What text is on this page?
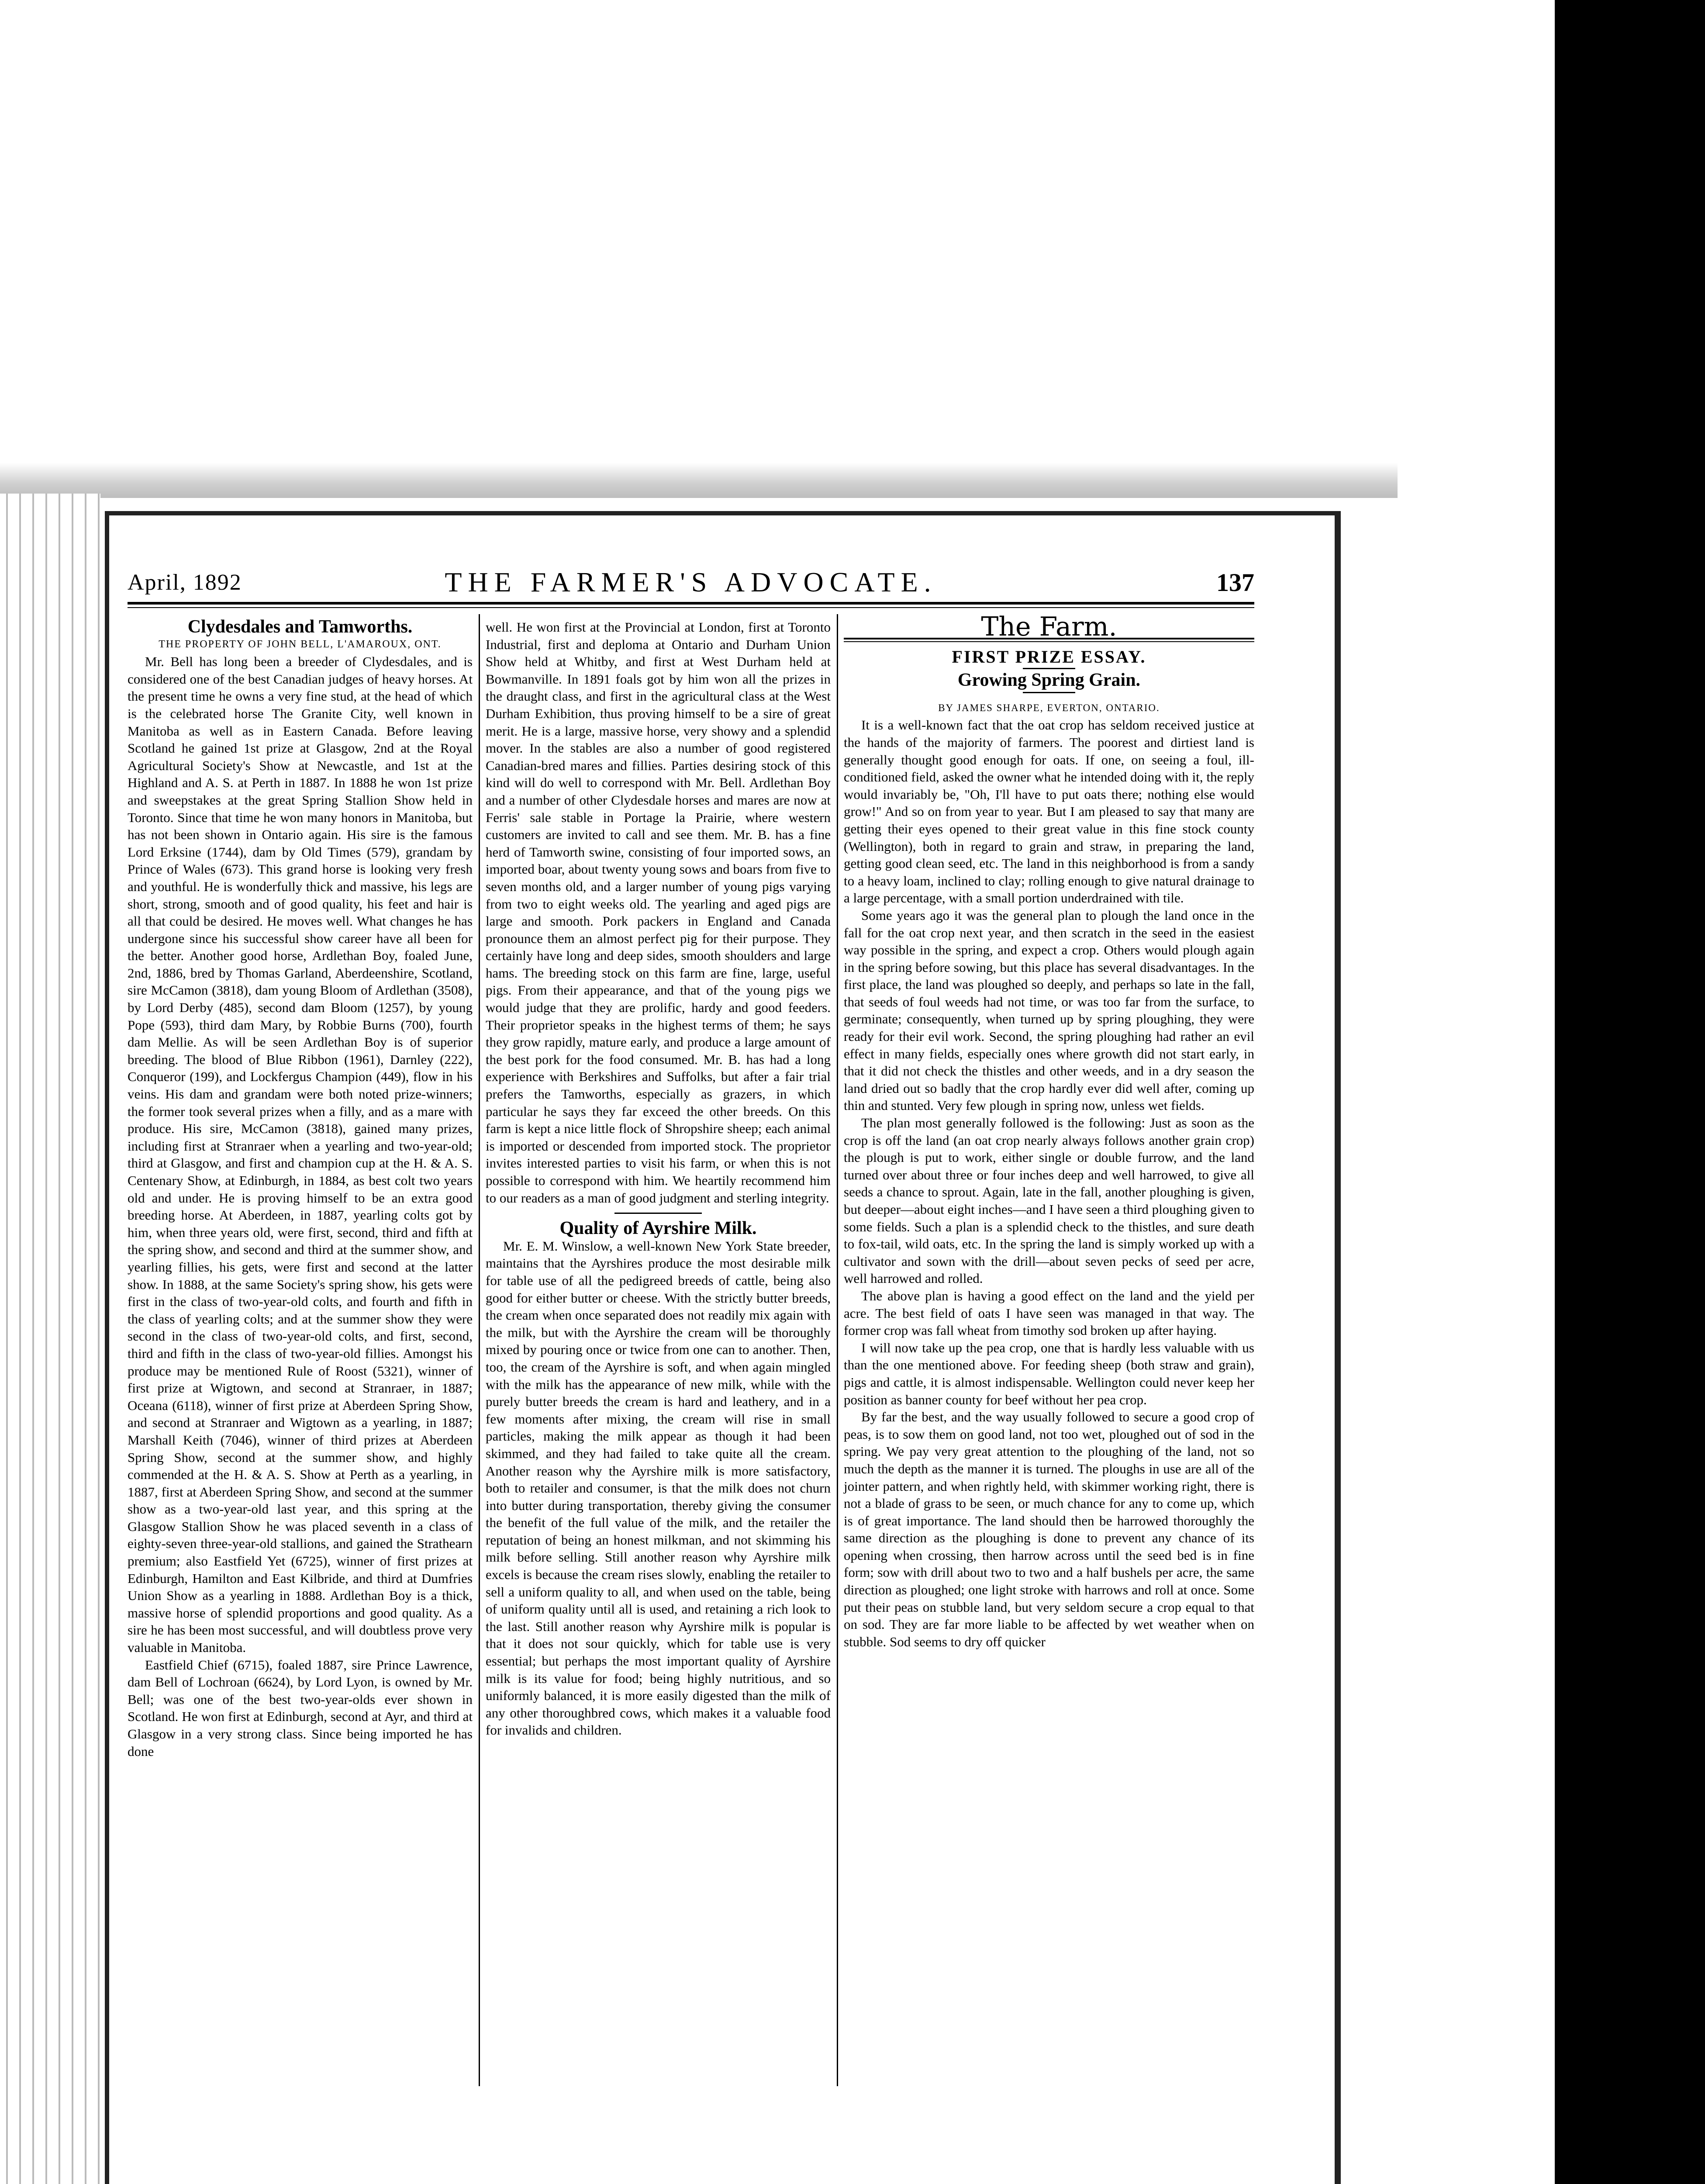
April, 1892	THE FARMER'S ADVOCATE.	137

Clydesdales and Tamworths.

THE PROPERTY OF JOHN BELL, L'AMAROUX, ONT.

Mr. Bell has long been a breeder of Clydesdales, and is considered one of the best Canadian judges of heavy horses. At the present time he owns a very fine stud, at the head of which is the celebrated horse The Granite City, well known in Manitoba as well as in Eastern Canada. Before leaving Scotland he gained 1st prize at Glasgow, 2nd at the Royal Agricultural Society's Show at Newcastle, and 1st at the Highland and A. S. at Perth in 1887. In 1888 he won 1st prize and sweepstakes at the great Spring Stallion Show held in Toronto. Since that time he won many honors in Manitoba, but has not been shown in Ontario again. His sire is the famous Lord Erksine (1744), dam by Old Times (579), grandam by Prince of Wales (673). This grand horse is looking very fresh and youthful. He is wonderfully thick and massive, his legs are short, strong, smooth and of good quality, his feet and hair is all that could be desired. He moves well. What changes he has undergone since his successful show career have all been for the better. Another good horse, Ardlethan Boy, foaled June, 2nd, 1886, bred by Thomas Garland, Aberdeenshire, Scotland, sire McCamon (3818), dam young Bloom of Ardlethan (3508), by Lord Derby (485), second dam Bloom (1257), by young Pope (593), third dam Mary, by Robbie Burns (700), fourth dam Mellie. As will be seen Ardlethan Boy is of superior breeding. The blood of Blue Ribbon (1961), Darnley (222), Conqueror (199), and Lockfergus Champion (449), flow in his veins. His dam and grandam were both noted prize-winners; the former took several prizes when a filly, and as a mare with produce. His sire, McCamon (3818), gained many prizes, including first at Stranraer when a yearling and two-year-old; third at Glasgow, and first and champion cup at the H. & A. S. Centenary Show, at Edinburgh, in 1884, as best colt two years old and under. He is proving himself to be an extra good breeding horse. At Aberdeen, in 1887, yearling colts got by him, when three years old, were first, second, third and fifth at the spring show, and second and third at the summer show, and yearling fillies, his gets, were first and second at the latter show. In 1888, at the same Society's spring show, his gets were first in the class of two-year-old colts, and fourth and fifth in the class of yearling colts; and at the summer show they were second in the class of two-year-old colts, and first, second, third and fifth in the class of two-year-old fillies. Amongst his produce may be mentioned Rule of Roost (5321), winner of first prize at Wigtown, and second at Stranraer, in 1887; Oceana (6118), winner of first prize at Aberdeen Spring Show, and second at Stranraer and Wigtown as a yearling, in 1887; Marshall Keith (7046), winner of third prizes at Aberdeen Spring Show, second at the summer show, and highly commended at the H. & A. S. Show at Perth as a yearling, in 1887, first at Aberdeen Spring Show, and second at the summer show as a two-year-old last year, and this spring at the Glasgow Stallion Show he was placed seventh in a class of eighty-seven three-year-old stallions, and gained the Strathearn premium; also Eastfield Yet (6725), winner of first prizes at Edinburgh, Hamilton and East Kilbride, and third at Dumfries Union Show as a yearling in 1888. Ardlethan Boy is a thick, massive horse of splendid proportions and good quality. As a sire he has been most successful, and will doubtless prove very valuable in Manitoba.

Eastfield Chief (6715), foaled 1887, sire Prince Lawrence, dam Bell of Lochroan (6624), by Lord Lyon, is owned by Mr. Bell; was one of the best two-year-olds ever shown in Scotland. He won first at Edinburgh, second at Ayr, and third at Glasgow in a very strong class. Since being imported he has done

well. He won first at the Provincial at London, first at Toronto Industrial, first and deploma at Ontario and Durham Union Show held at Whitby, and first at West Durham held at Bowmanville. In 1891 foals got by him won all the prizes in the draught class, and first in the agricultural class at the West Durham Exhibition, thus proving himself to be a sire of great merit. He is a large, massive horse, very showy and a splendid mover. In the stables are also a number of good registered Canadian-bred mares and fillies. Parties desiring stock of this kind will do well to correspond with Mr. Bell. Ardlethan Boy and a number of other Clydesdale horses and mares are now at Ferris' sale stable in Portage la Prairie, where western customers are invited to call and see them. Mr. B. has a fine herd of Tamworth swine, consisting of four imported sows, an imported boar, about twenty young sows and boars from five to seven months old, and a larger number of young pigs varying from two to eight weeks old. The yearling and aged pigs are large and smooth. Pork packers in England and Canada pronounce them an almost perfect pig for their purpose. They certainly have long and deep sides, smooth shoulders and large hams. The breeding stock on this farm are fine, large, useful pigs. From their appearance, and that of the young pigs we would judge that they are prolific, hardy and good feeders. Their proprietor speaks in the highest terms of them; he says they grow rapidly, mature early, and produce a large amount of the best pork for the food consumed. Mr. B. has had a long experience with Berkshires and Suffolks, but after a fair trial prefers the Tamworths, especially as grazers, in which particular he says they far exceed the other breeds. On this farm is kept a nice little flock of Shropshire sheep; each animal is imported or descended from imported stock. The proprietor invites interested parties to visit his farm, or when this is not possible to correspond with him. We heartily recommend him to our readers as a man of good judgment and sterling integrity.

Quality of Ayrshire Milk.

Mr. E. M. Winslow, a well-known New York State breeder, maintains that the Ayrshires produce the most desirable milk for table use of all the pedigreed breeds of cattle, being also good for either butter or cheese. With the strictly butter breeds, the cream when once separated does not readily mix again with the milk, but with the Ayrshire the cream will be thoroughly mixed by pouring once or twice from one can to another. Then, too, the cream of the Ayrshire is soft, and when again mingled with the milk has the appearance of new milk, while with the purely butter breeds the cream is hard and leathery, and in a few moments after mixing, the cream will rise in small particles, making the milk appear as though it had been skimmed, and they had failed to take quite all the cream. Another reason why the Ayrshire milk is more satisfactory, both to retailer and consumer, is that the milk does not churn into butter during transportation, thereby giving the consumer the benefit of the full value of the milk, and the retailer the reputation of being an honest milkman, and not skimming his milk before selling. Still another reason why Ayrshire milk excels is because the cream rises slowly, enabling the retailer to sell a uniform quality to all, and when used on the table, being of uniform quality until all is used, and retaining a rich look to the last. Still another reason why Ayrshire milk is popular is that it does not sour quickly, which for table use is very essential; but perhaps the most important quality of Ayrshire milk is its value for food; being highly nutritious, and so uniformly balanced, it is more easily digested than the milk of any other thoroughbred cows, which makes it a valuable food for invalids and children.

The Farm.

FIRST PRIZE ESSAY.

Growing Spring Grain.

BY JAMES SHARPE, EVERTON, ONTARIO.

It is a well-known fact that the oat crop has seldom received justice at the hands of the majority of farmers. The poorest and dirtiest land is generally thought good enough for oats. If one, on seeing a foul, ill-conditioned field, asked the owner what he intended doing with it, the reply would invariably be, "Oh, I'll have to put oats there; nothing else would grow!" And so on from year to year. But I am pleased to say that many are getting their eyes opened to their great value in this fine stock county (Wellington), both in regard to grain and straw, in preparing the land, getting good clean seed, etc. The land in this neighborhood is from a sandy to a heavy loam, inclined to clay; rolling enough to give natural drainage to a large percentage, with a small portion underdrained with tile.

Some years ago it was the general plan to plough the land once in the fall for the oat crop next year, and then scratch in the seed in the easiest way possible in the spring, and expect a crop. Others would plough again in the spring before sowing, but this place has several disadvantages. In the first place, the land was ploughed so deeply, and perhaps so late in the fall, that seeds of foul weeds had not time, or was too far from the surface, to germinate; consequently, when turned up by spring ploughing, they were ready for their evil work. Second, the spring ploughing had rather an evil effect in many fields, especially ones where growth did not start early, in that it did not check the thistles and other weeds, and in a dry season the land dried out so badly that the crop hardly ever did well after, coming up thin and stunted. Very few plough in spring now, unless wet fields.

The plan most generally followed is the following: Just as soon as the crop is off the land (an oat crop nearly always follows another grain crop) the plough is put to work, either single or double furrow, and the land turned over about three or four inches deep and well harrowed, to give all seeds a chance to sprout. Again, late in the fall, another ploughing is given, but deeper—about eight inches—and I have seen a third ploughing given to some fields. Such a plan is a splendid check to the thistles, and sure death to fox-tail, wild oats, etc. In the spring the land is simply worked up with a cultivator and sown with the drill—about seven pecks of seed per acre, well harrowed and rolled.

The above plan is having a good effect on the land and the yield per acre. The best field of oats I have seen was managed in that way. The former crop was fall wheat from timothy sod broken up after haying.

I will now take up the pea crop, one that is hardly less valuable with us than the one mentioned above. For feeding sheep (both straw and grain), pigs and cattle, it is almost indispensable. Wellington could never keep her position as banner county for beef without her pea crop.

By far the best, and the way usually followed to secure a good crop of peas, is to sow them on good land, not too wet, ploughed out of sod in the spring. We pay very great attention to the ploughing of the land, not so much the depth as the manner it is turned. The ploughs in use are all of the jointer pattern, and when rightly held, with skimmer working right, there is not a blade of grass to be seen, or much chance for any to come up, which is of great importance. The land should then be harrowed thoroughly the same direction as the ploughing is done to prevent any chance of its opening when crossing, then harrow across until the seed bed is in fine form; sow with drill about two to two and a half bushels per acre, the same direction as ploughed; one light stroke with harrows and roll at once. Some put their peas on stubble land, but very seldom secure a crop equal to that on sod. They are far more liable to be affected by wet weather when on stubble. Sod seems to dry off quicker
